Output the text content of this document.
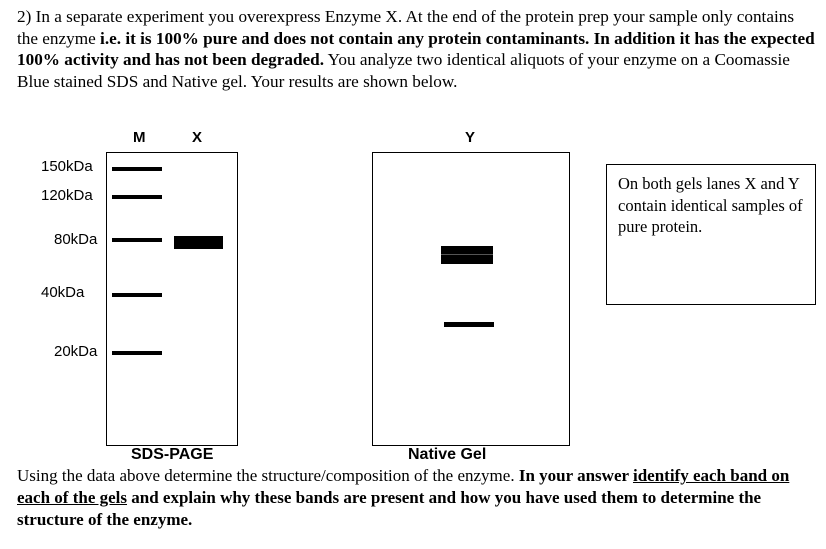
2) In a separate experiment you overexpress Enzyme X. At the end of the protein prep your sample only contains the enzyme i.e. it is 100% pure and does not contain any protein contaminants. In addition it has the expected 100% activity and has not been degraded. You analyze two identical aliquots of your enzyme on a Coomassie Blue stained SDS and Native gel. Your results are shown below.
M	X
150kDa
120kDa
80kDa
40kDa
20kDa
Y
SDS-PAGE	Native Gel
On both gels lanes X and Y contain identical samples of pure protein.
Using the data above determine the structure/composition of the enzyme. In your answer identify each band on each of the gels and explain why these bands are present and how you have used them to determine the structure of the enzyme.
